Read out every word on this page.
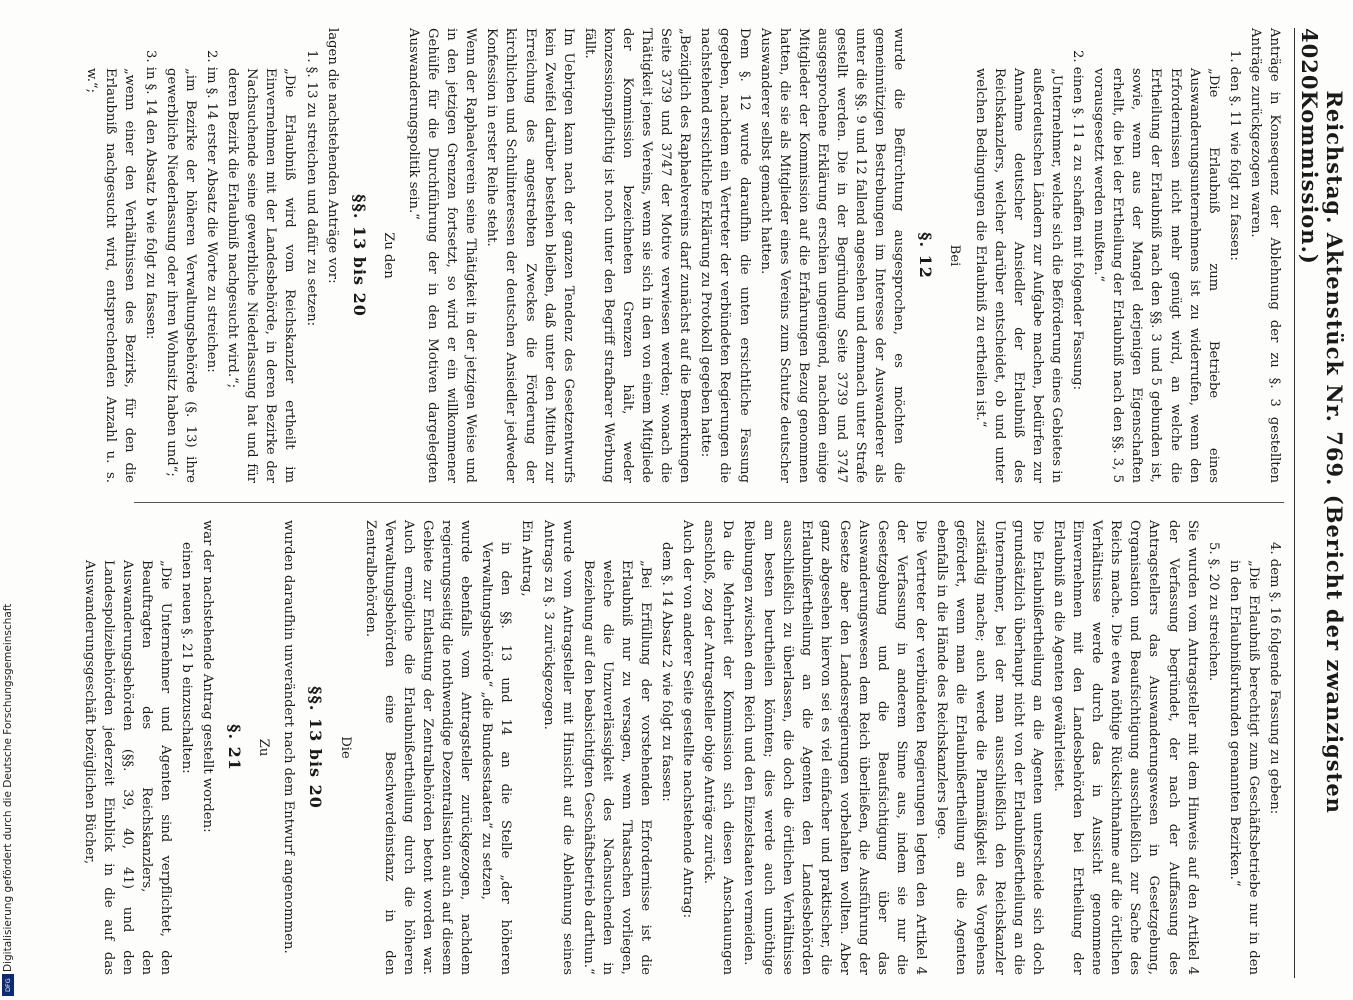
4020
Reichstag. Aktenstück Nr. 769. (Bericht der zwanzigsten Kommission.)

Anträge in Konsequenz der Ablehnung der zu §. 3 gestellten Anträge zurückgezogen waren.

1. den §. 11 wie folgt zu fassen:

„Die Erlaubniß zum Betriebe eines Auswanderungsunternehmens ist zu widerrufen, wenn den Erfordernissen nicht mehr genügt wird, an welche die Ertheilung der Erlaubniß nach den §§. 3 und 5 gebunden ist, sowie, wenn aus der Mangel derjenigen Eigenschaften erhellt, die bei der Ertheilung der Erlaubniß nach den §§. 3, 5 vorausgesetzt werden mußten.“

2. einen §. 11 a zu schaffen mit folgender Fassung:

„Unternehmer, welche sich die Beförderung eines Gebietes in außerdeutschen Ländern zur Aufgabe machen, bedürfen zur Annahme deutscher Ansiedler der Erlaubniß des Reichskanzlers, welcher darüber entscheidet, ob und unter welchen Bedingungen die Erlaubniß zu ertheilen ist.“

Bei

§. 12

wurde die Befürchtung ausgesprochen, es möchten die gemeinnützigen Bestrebungen im Interesse der Auswanderer als unter die §§. 9 und 12 fallend angesehen und demnach unter Strafe gestellt werden. Die in der Begründung Seite 3739 und 3747 ausgesprochene Erklärung erschien ungenügend, nachdem einige Mitglieder der Kommission auf die Erfahrungen Bezug genommen hatten, die sie als Mitglieder eines Vereins zum Schutze deutscher Auswanderer selbst gemacht hatten.

Dem §. 12 wurde daraufhin die unten ersichtliche Fassung gegeben, nachdem ein Vertreter der verbündeten Regierungen die nachstehend ersichtliche Erklärung zu Protokoll gegeben hatte:

„Bezüglich des Raphaelvereins darf zunächst auf die Bemerkungen Seite 3739 und 3747 der Motive verwiesen werden; wonach die Thätigkeit jenes Vereins, wenn sie sich in den von einem Mitgliede der Kommission bezeichneten Grenzen hält, weder konzessionspflichtig ist noch unter den Begriff strafbarer Werbung fällt.

Im Uebrigen kann nach der ganzen Tendenz des Gesetzentwurfs kein Zweifel darüber bestehen bleiben, daß unter den Mitteln zur Erreichung des angestrebten Zweckes die Förderung der kirchlichen und Schulinteressen der deutschen Ansiedler jedweder Konfession in erster Reihe steht.

Wenn der Raphaelverein seine Thätigkeit in der jetzigen Weise und in den jetzigen Grenzen fortsetzt, so wird er ein willkommener Gehülfe für die Durchführung der in den Motiven dargelegten Auswanderungspolitik sein.“

Zu den

§§. 13 bis 20

lagen die nachstehenden Anträge vor:

1. §. 13 zu streichen und dafür zu setzen:

„Die Erlaubniß wird vom Reichskanzler ertheilt im Einvernehmen mit der Landesbehörde, in deren Bezirke der Nachsuchende seine gewerbliche Niederlassung hat und für deren Bezirk die Erlaubniß nachgesucht wird.“;

2. im §. 14 erster Absatz die Worte zu streichen:

„im Bezirke der höheren Verwaltungsbehörde (§. 13) ihre gewerbliche Niederlassung oder ihren Wohnsitz haben und“;

3. in §. 14 den Absatz b wie folgt zu fassen:

„wenn einer den Verhältnissen des Bezirks, für den die Erlaubniß nachgesucht wird, entsprechenden Anzahl u. s. w.“;

4. dem §. 16 folgende Fassung zu geben:

„Die Erlaubniß berechtigt zum Geschäftsbetriebe nur in den in den Erlaubnißurkunden genannten Bezirken.“

5. §. 20 zu streichen.

Sie wurden vom Antragsteller mit dem Hinweis auf den Artikel 4 der Verfassung begründet, der nach der Auffassung des Antragstellers das Auswanderungswesen in Gesetzgebung, Organisation und Beaufsichtigung ausschließlich zur Sache des Reichs mache. Die etwa nöthige Rücksichtnahme auf die örtlichen Verhältnisse werde durch das in Aussicht genommene Einvernehmen mit den Landesbehörden bei Ertheilung der Erlaubniß an die Agenten gewährleistet.

Die Erlaubnißertheilung an die Agenten unterscheide sich doch grundsätzlich überhaupt nicht von der Erlaubnißertheilung an die Unternehmer, bei der man ausschließlich den Reichskanzler zuständig mache; auch werde die Planmäßigkeit des Vorgehens gefördert, wenn man die Erlaubnißertheilung an die Agenten ebenfalls in die Hände des Reichskanzlers lege.

Die Vertreter der verbündeten Regierungen legten den Artikel 4 der Verfassung in anderem Sinne aus, indem sie nur die Gesetzgebung und die Beaufsichtigung über das Auswanderungswesen dem Reich überließen, die Ausführung der Gesetze aber den Landesregierungen vorbehalten wollten. Aber ganz abgesehen hiervon sei es viel einfacher und praktischer, die Erlaubnißertheilung an die Agenten den Landesbehörden ausschließlich zu überlassen, die doch die örtlichen Verhältnisse am besten beurtheilen könnten; dies werde auch unnöthige Reibungen zwischen dem Reich und den Einzelstaaten vermeiden.

Da die Mehrheit der Kommission sich diesen Anschauungen anschloß, zog der Antragsteller obige Anträge zurück.

Auch der von anderer Seite gestellte nachstehende Antrag:

dem §. 14 Absatz 2 wie folgt zu fassen:

„Bei Erfüllung der vorstehenden Erfordernisse ist die Erlaubniß nur zu versagen, wenn Thatsachen vorliegen, welche die Unzuverlässigkeit des Nachsuchenden in Beziehung auf den beabsichtigten Geschäftsbetrieb darthun.“

wurde vom Antragsteller mit Hinsicht auf die Ablehnung seines Antrags zu §. 3 zurückgezogen.

Ein Antrag,

in den §§. 13 und 14 an die Stelle „der höheren Verwaltungsbehörde“ „die Bundesstaaten“ zu setzen,

wurde ebenfalls vom Antragsteller zurückgezogen, nachdem regierungsseitig die nothwendige Dezentralisation auch auf diesem Gebiete zur Entlastung der Zentralbehörden betont worden war. Auch ermögliche die Erlaubnißertheilung durch die höheren Verwaltungsbehörden eine Beschwerdeinstanz in den Zentralbehörden.

Die

§§. 13 bis 20

wurden daraufhin unverändert nach dem Entwurf angenommen.

Zu

§. 21

war der nachstehende Antrag gestellt worden:

einen neuen §. 21 b einzuschalten:

„Die Unternehmer und Agenten sind verpflichtet, den Beauftragten des Reichskanzlers, den Auswanderungsbehörden (§§. 39, 40, 41) und den Landespolizeibehörden jederzeit Einblick in die auf das Auswanderungsgeschäft bezüglichen Bücher,

Digitalisierung gefördert durch die Deutsche Forschungsgemeinschaft
DFG
